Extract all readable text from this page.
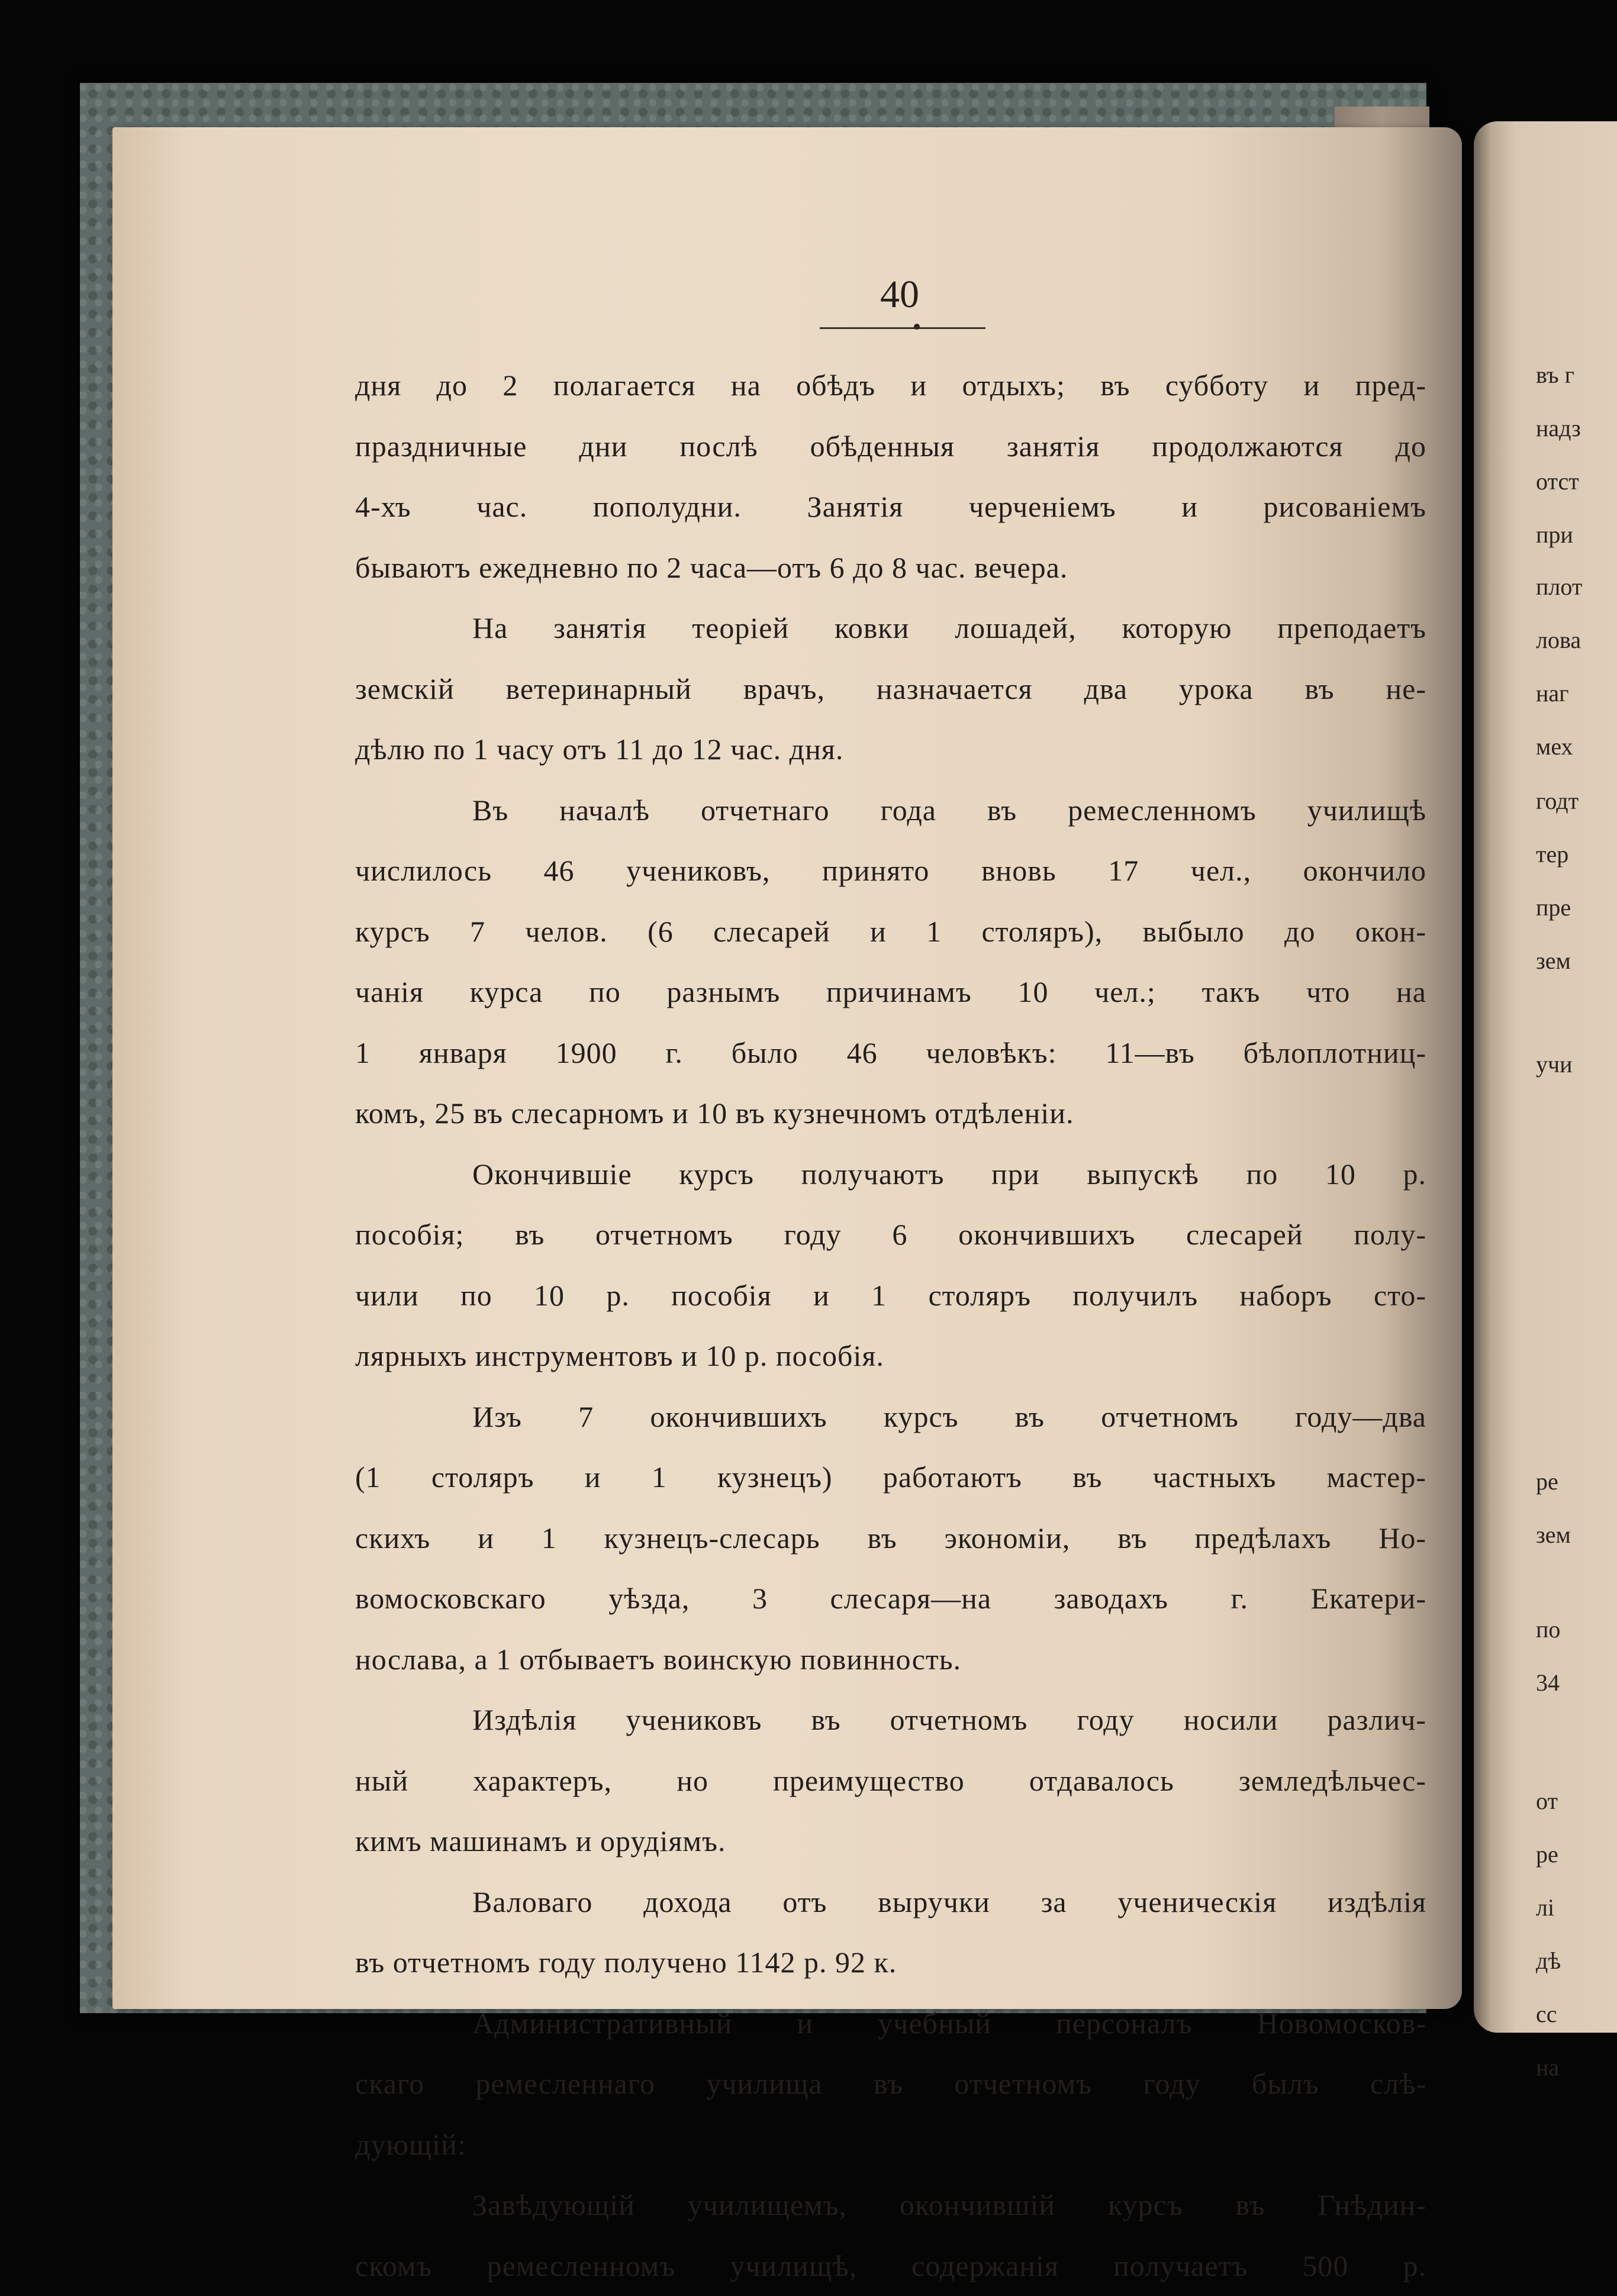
въ г
надз
отст
при
плот
лова
наг
мех
годт
тер
пре
зем
учи
ре
зем
по
34
от
ре
лі
дѣ
сс
на
40
дня до 2 полагается на обѣдъ и отдыхъ; въ субботу и пред-
праздничные дни послѣ обѣденныя занятія продолжаются до
4-хъ час. пополудни. Занятія черченіемъ и рисованіемъ
бываютъ ежедневно по 2 часа—отъ 6 до 8 час. вечера.
На занятія теоріей ковки лошадей, которую преподаетъ
земскій ветеринарный врачъ, назначается два урока въ не-
дѣлю по 1 часу отъ 11 до 12 час. дня.
Въ началѣ отчетнаго года въ ремесленномъ училищѣ
числилось 46 учениковъ, принято вновь 17 чел., окончило
курсъ 7 челов. (6 слесарей и 1 столяръ), выбыло до окон-
чанія курса по разнымъ причинамъ 10 чел.; такъ что на
1 января 1900 г. было 46 человѣкъ: 11—въ бѣлоплотниц-
комъ, 25 въ слесарномъ и 10 въ кузнечномъ отдѣленіи.
Окончившіе курсъ получаютъ при выпускѣ по 10 р.
пособія; въ отчетномъ году 6 окончившихъ слесарей полу-
чили по 10 р. пособія и 1 столяръ получилъ наборъ сто-
лярныхъ инструментовъ и 10 р. пособія.
Изъ 7 окончившихъ курсъ въ отчетномъ году—два
(1 столяръ и 1 кузнецъ) работаютъ въ частныхъ мастер-
скихъ и 1 кузнецъ-слесарь въ экономіи, въ предѣлахъ Но-
вомосковскаго уѣзда, 3 слесаря—на заводахъ г. Екатери-
нослава, а 1 отбываетъ воинскую повинность.
Издѣлія учениковъ въ отчетномъ году носили различ-
ный характеръ, но преимущество отдавалось земледѣльчес-
кимъ машинамъ и орудіямъ.
Валоваго дохода отъ выручки за ученическія издѣлія
въ отчетномъ году получено 1142 р. 92 к.
Административный и учебный персоналъ Новомосков-
скаго ремесленнаго училища въ отчетномъ году былъ слѣ-
дующій:
Завѣдующій училищемъ, окончившій курсъ въ Гнѣдин-
скомъ ремесленномъ училищѣ, содержанія получаетъ 500 р.
